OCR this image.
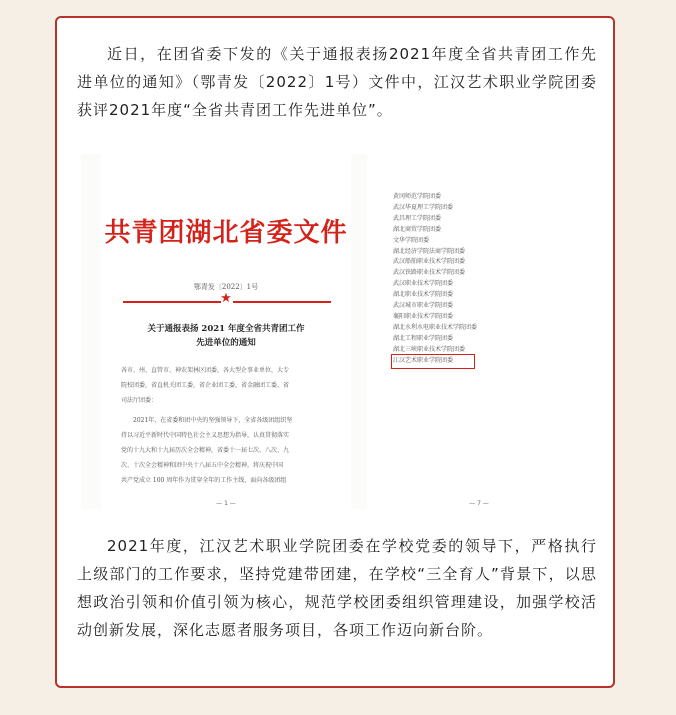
近日，在团省委下发的《关于通报表扬2021年度全省共青团工作先进单位的通知》（鄂青发〔2022〕1号）文件中，江汉艺术职业学院团委获评2021年度“全省共青团工作先进单位”。

共青团湖北省委文件
鄂青发〔2022〕1号
★
关于通报表扬 2021 年度全省共青团工作
先进单位的通知
各市、州、直管市、神农架林区团委，各大型企事业单位，大专
院校团委，省直机关团工委，省企业团工委，省金融团工委，省
司法厅团委：
2021年，在省委和团中央的坚强领导下，全省各级团组织坚
持以习近平新时代中国特色社会主义思想为指导，认真贯彻落实
党的十九大和十九届历次全会精神，省委十一届七次、八次、九
次、十次全会精神和团中央十八届五中全会精神，将庆祝中国
共产党成立 100 周年作为贯穿全年的工作主线，面向各级团组
— 1 —
黄冈师范学院团委
武汉华夏理工学院团委
武昌理工学院团委
湖北商贸学院团委
文华学院团委
湖北经济学院法商学院团委
武汉船舶职业技术学院团委
武汉铁路职业技术学院团委
武汉职业技术学院团委
湖北职业技术学院团委
武汉城市职业学院团委
襄阳职业技术学院团委
湖北水利水电职业技术学院团委
湖北工程职业学院团委
湖北三峡职业技术学院团委
江汉艺术职业学院团委
— 7 —

2021年度，江汉艺术职业学院团委在学校党委的领导下，严格执行上级部门的工作要求，坚持党建带团建，在学校“三全育人”背景下，以思想政治引领和价值引领为核心，规范学校团委组织管理建设，加强学校活动创新发展，深化志愿者服务项目，各项工作迈向新台阶。
